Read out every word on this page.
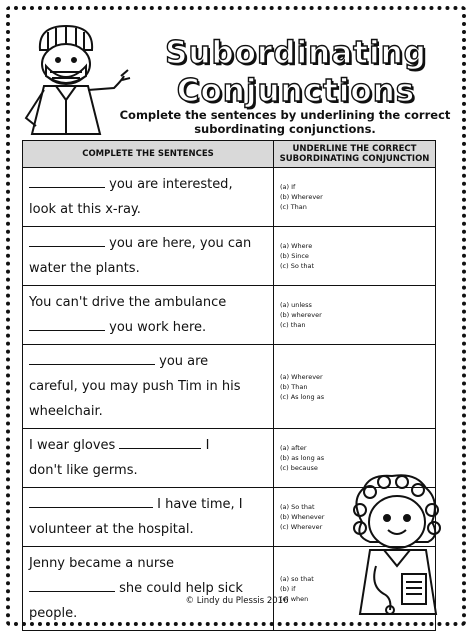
Subordinating
Conjunctions
Complete the sentences by underlining the correct subordinating conjunctions.
COMPLETE THE SENTENCES	UNDERLINE THE CORRECT SUBORDINATING CONJUNCTION
you are interested,
look at this x-ray.	(a) If
(b) Wherever
(c) Than

you are here, you can
water the plants.	(a) Where
(b) Since
(c) So that

You can't drive the ambulance
you work here.	(a) unless
(b) wherever
(c) than

you are
careful, you may push Tim in his
wheelchair.	(a) Wherever
(b) Than
(c) As long as

I wear gloves I
don't like germs.	(a) after
(b) as long as
(c) because

I have time, I
volunteer at the hospital.	(a) So that
(b) Whenever
(c) Wherever

Jenny became a nurse
she could help sick
people.	(a) so that
(b) if
(c) when
© Lindy du Plessis 2016
